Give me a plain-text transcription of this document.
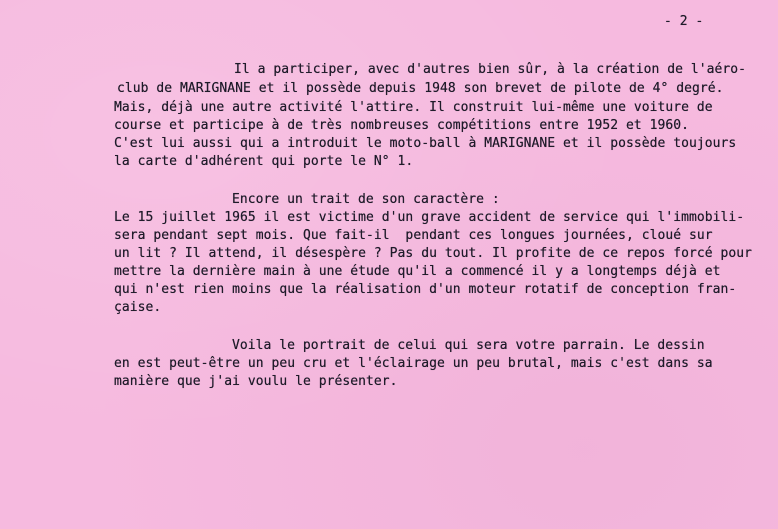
- 2 -
Il a participer, avec d'autres bien sûr, à la création de l'aéro-
club de MARIGNANE et il possède depuis 1948 son brevet de pilote de 4° degré.
Mais, déjà une autre activité l'attire. Il construit lui-même une voiture de
course et participe à de très nombreuses compétitions entre 1952 et 1960.
C'est lui aussi qui a introduit le moto-ball à MARIGNANE et il possède toujours
la carte d'adhérent qui porte le N° 1.
Encore un trait de son caractère :
Le 15 juillet 1965 il est victime d'un grave accident de service qui l'immobili-
sera pendant sept mois. Que fait-il  pendant ces longues journées, cloué sur
un lit ? Il attend, il désespère ? Pas du tout. Il profite de ce repos forcé pour
mettre la dernière main à une étude qu'il a commencé il y a longtemps déjà et
qui n'est rien moins que la réalisation d'un moteur rotatif de conception fran-
çaise.
Voila le portrait de celui qui sera votre parrain. Le dessin
en est peut-être un peu cru et l'éclairage un peu brutal, mais c'est dans sa
manière que j'ai voulu le présenter.
